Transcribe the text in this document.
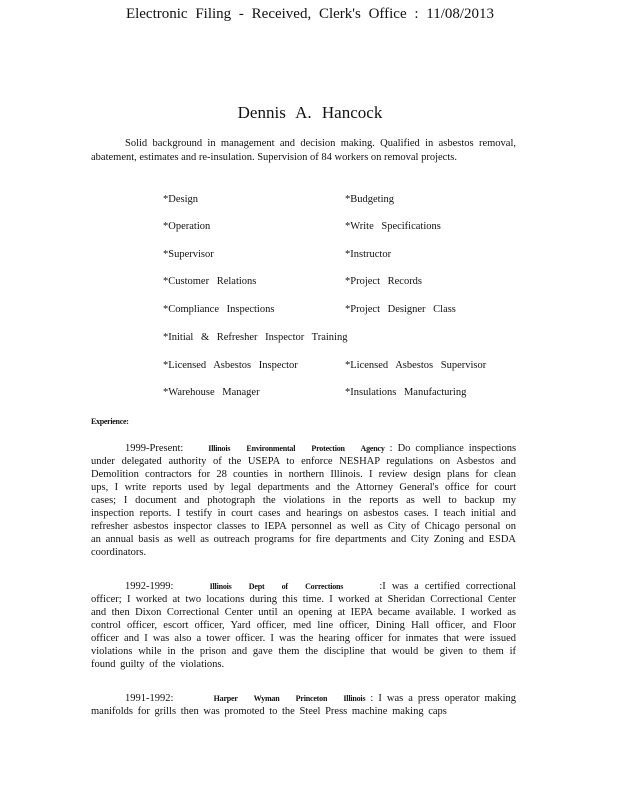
Electronic Filing - Received, Clerk's Office : 11/08/2013
Dennis A. Hancock

Solid background in management and decision making. Qualified in asbestos removal, abatement, estimates and re-insulation. Supervision of 84 workers on removal projects.

*Design	*Budgeting
*Operation	*Write Specifications
*Supervisor	*Instructor
*Customer Relations	*Project Records
*Compliance Inspections	*Project Designer Class
*Initial & Refresher Inspector Training
*Licensed Asbestos Inspector	*Licensed Asbestos Supervisor
*Warehouse Manager	*Insulations Manufacturing
Experience:

1999-Present:	Illinois Environmental Protection Agency : Do compliance inspections under delegated authority of the USEPA to enforce NESHAP regulations on Asbestos and Demolition contractors for 28 counties in northern Illinois. I review design plans for clean ups, I write reports used by legal departments and the Attorney General's office for court cases; I document and photograph the violations in the reports as well to backup my inspection reports. I testify in court cases and hearings on asbestos cases. I teach initial and refresher asbestos inspector classes to IEPA personnel as well as City of Chicago personal on an annual basis as well as outreach programs for fire departments and City Zoning and ESDA coordinators.

1992-1999:	Illinois Dept of Corrections	:I was a certified correctional officer; I worked at two locations during this time. I worked at Sheridan Correctional Center and then Dixon Correctional Center until an opening at IEPA became available. I worked as control officer, escort officer, Yard officer, med line officer, Dining Hall officer, and Floor officer and I was also a tower officer. I was the hearing officer for inmates that were issued violations while in the prison and gave them the discipline that would be given to them if found guilty of the violations.

1991-1992:	Harper Wyman Princeton Illinois : I was a press operator making manifolds for grills then was promoted to the Steel Press machine making caps
